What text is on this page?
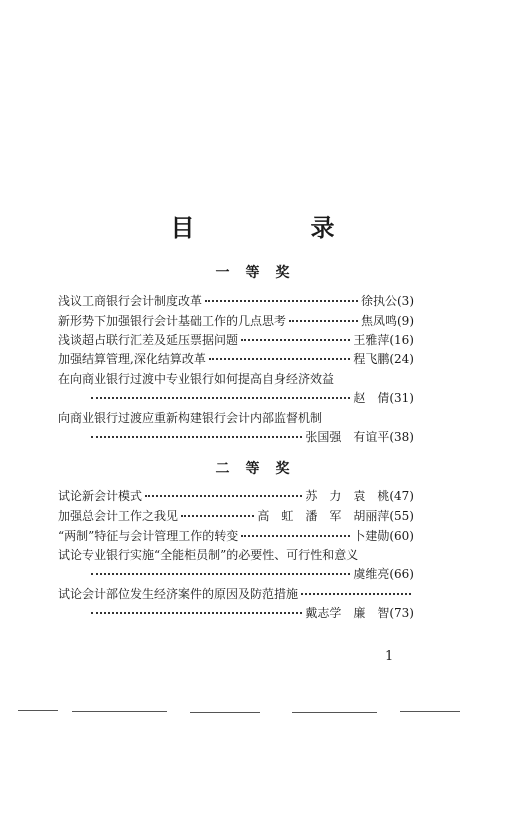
目　录
一等奖
浅议工商银行会计制度改革	徐执公 (3)
新形势下加强银行会计基础工作的几点思考	焦凤鸣 (9)
浅谈超占联行汇差及延压票据问题	王雅萍 (16)
加强结算管理,深化结算改革	程飞鹏 (24)
在向商业银行过渡中专业银行如何提高自身经济效益
赵　倩 (31)
向商业银行过渡应重新构建银行会计内部监督机制
张国强　有谊平 (38)
二等奖
试论新会计模式	苏　力　袁　桃 (47)
加强总会计工作之我见	高　虹　潘　军　胡丽萍 (55)
“两制”特征与会计管理工作的转变	卜建勋 (60)
试论专业银行实施“全能柜员制”的必要性、可行性和意义
虞维亮 (66)
试论会计部位发生经济案件的原因及防范措施
戴志学　廉　智 (73)
1
